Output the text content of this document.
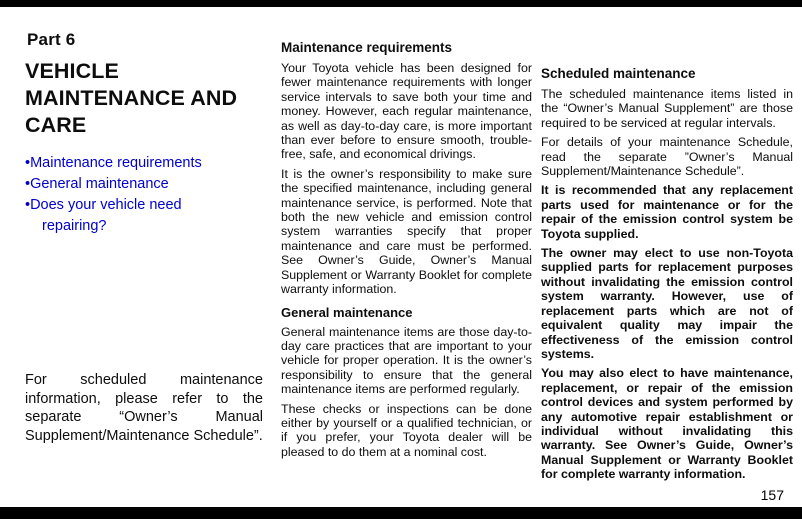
Part 6
VEHICLE MAINTENANCE AND CARE
•Maintenance requirements
•General maintenance
•Does your vehicle need repairing?

For scheduled maintenance information, please refer to the separate “Owner’s Manual Supplement/Maintenance Schedule”.

Maintenance requirements

Your Toyota vehicle has been designed for fewer maintenance requirements with longer service intervals to save both your time and money. However, each regular maintenance, as well as day-to-day care, is more important than ever before to ensure smooth, trouble-free, safe, and economical drivings.

It is the owner’s responsibility to make sure the specified maintenance, including general maintenance service, is performed. Note that both the new vehicle and emission control system warranties specify that proper maintenance and care must be performed. See Owner’s Guide, Owner’s Manual Supplement or Warranty Booklet for complete warranty information.

General maintenance

General maintenance items are those day-to-day care practices that are important to your vehicle for proper operation. It is the owner’s responsibility to ensure that the general maintenance items are performed regularly.

These checks or inspections can be done either by yourself or a qualified technician, or if you prefer, your Toyota dealer will be pleased to do them at a nominal cost.

Scheduled maintenance

The scheduled maintenance items listed in the “Owner’s Manual Supplement” are those required to be serviced at regular intervals.

For details of your maintenance Schedule, read the separate ”Owner’s Manual Supplement/Maintenance Schedule”.

It is recommended that any replacement parts used for maintenance or for the repair of the emission control system be Toyota supplied.

The owner may elect to use non-Toyota supplied parts for replacement purposes without invalidating the emission control system warranty. However, use of replacement parts which are not of equivalent quality may impair the effectiveness of the emission control systems.

You may also elect to have maintenance, replacement, or repair of the emission control devices and system performed by any automotive repair establishment or individual without invalidating this warranty. See Owner’s Guide, Owner’s Manual Supplement or Warranty Booklet for complete warranty information.

157
